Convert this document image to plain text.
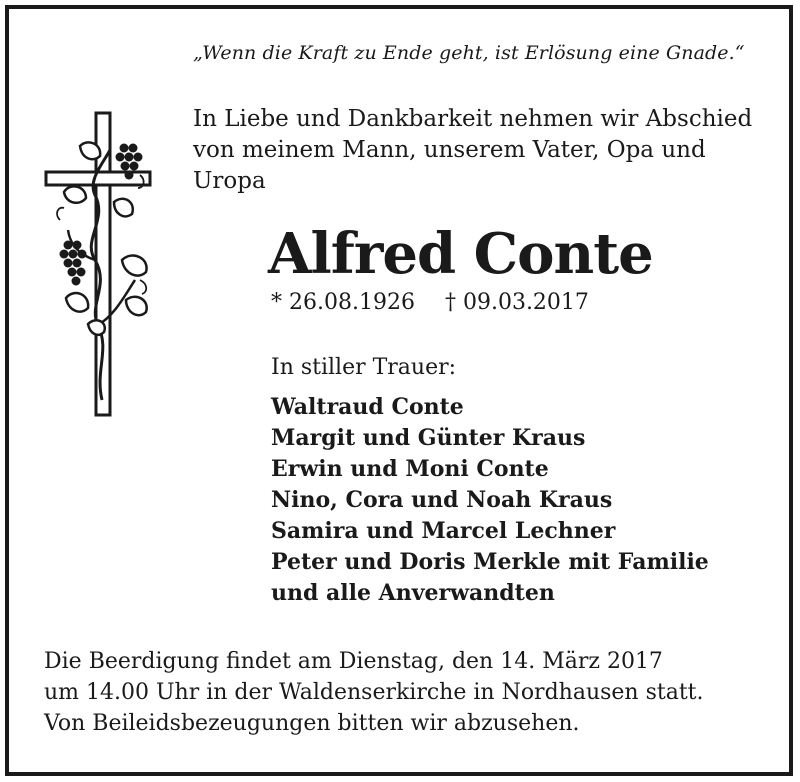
„Wenn die Kraft zu Ende geht, ist Erlösung eine Gnade.“
In Liebe und Dankbarkeit nehmen wir Abschied
von meinem Mann, unserem Vater, Opa und
Uropa
Alfred Conte
* 26.08.1926 † 09.03.2017
In stiller Trauer:
Waltraud Conte
Margit und Günter Kraus
Erwin und Moni Conte
Nino, Cora und Noah Kraus
Samira und Marcel Lechner
Peter und Doris Merkle mit Familie
und alle Anverwandten
Die Beerdigung findet am Dienstag, den 14. März 2017
um 14.00 Uhr in der Waldenserkirche in Nordhausen statt.
Von Beileidsbezeugungen bitten wir abzusehen.
